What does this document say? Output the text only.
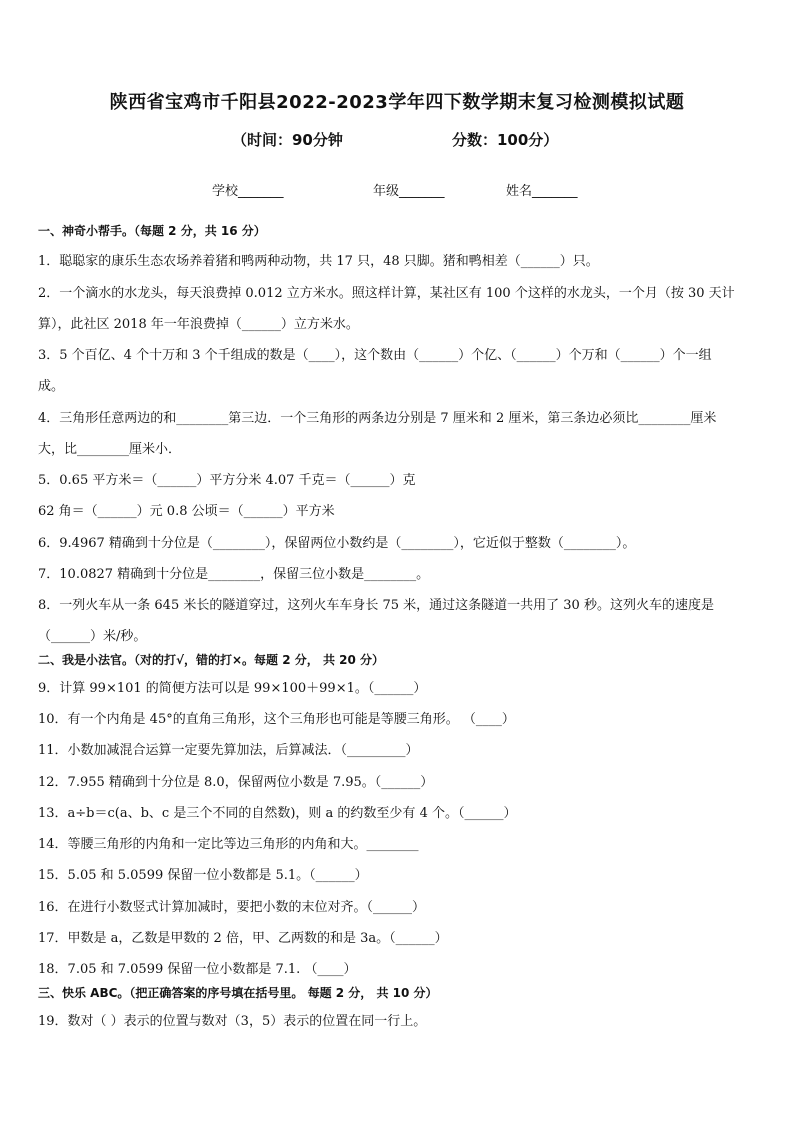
陕西省宝鸡市千阳县2022-2023学年四下数学期末复习检测模拟试题
（时间：90分钟	分数：100分）
学校_______	年级_______	姓名_______
一、神奇小帮手。（每题 2 分，共 16 分）
1．聪聪家的康乐生态农场养着猪和鸭两种动物，共 17 只，48 只脚。猪和鸭相差（______）只。
2．一个滴水的水龙头，每天浪费掉 0.012 立方米水。照这样计算，某社区有 100 个这样的水龙头，一个月（按 30 天计
算），此社区 2018 年一年浪费掉（______）立方米水。
3．5 个百亿、4 个十万和 3 个千组成的数是（____），这个数由（______）个亿、（______）个万和（______）个一组
成。
4．三角形任意两边的和________第三边．一个三角形的两条边分别是 7 厘米和 2 厘米，第三条边必须比________厘米
大，比________厘米小．
5．0.65 平方米＝（______）平方分米 4.07 千克＝（______）克
62 角＝（______）元 0.8 公顷＝（______）平方米
6．9.4967 精确到十分位是（________），保留两位小数约是（________），它近似于整数（________）。
7．10.0827 精确到十分位是________，保留三位小数是________。
8．一列火车从一条 645 米长的隧道穿过，这列火车车身长 75 米，通过这条隧道一共用了 30 秒。这列火车的速度是
（______）米/秒。
二、我是小法官。（对的打√，错的打×。每题 2 分， 共 20 分）
9．计算 99×101 的简便方法可以是 99×100＋99×1。（______）
10．有一个内角是 45°的直角三角形，这个三角形也可能是等腰三角形。 （____）
11．小数加减混合运算一定要先算加法，后算减法．（_________）
12．7.955 精确到十分位是 8.0，保留两位小数是 7.95。（______）
13．a÷b＝c(a、b、c 是三个不同的自然数)，则 a 的约数至少有 4 个。（______）
14．等腰三角形的内角和一定比等边三角形的内角和大。________
15．5.05 和 5.0599 保留一位小数都是 5.1。（______）
16．在进行小数竖式计算加减时，要把小数的末位对齐。（______）
17．甲数是 a，乙数是甲数的 2 倍，甲、乙两数的和是 3a。（______）
18．7.05 和 7.0599 保留一位小数都是 7.1. （____）
三、快乐 ABC。（把正确答案的序号填在括号里。 每题 2 分， 共 10 分）
19．数对（ ）表示的位置与数对（3，5）表示的位置在同一行上。
